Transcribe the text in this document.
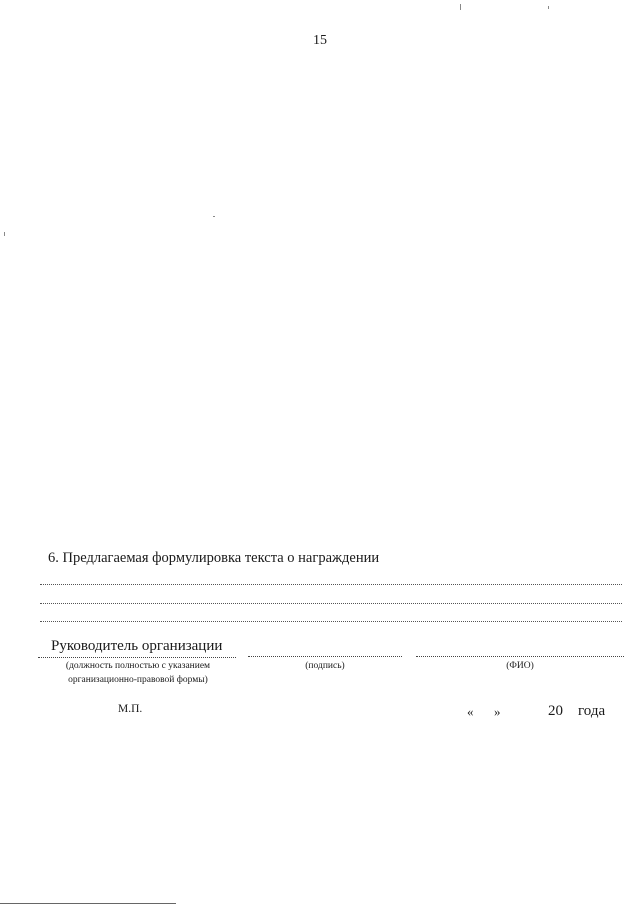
15
6. Предлагаемая формулировка текста о награждении
Руководитель организации
(должность полностью с указанием
организационно-правовой формы)
(подпись)	(ФИО)
М.П.	« »	20 года
